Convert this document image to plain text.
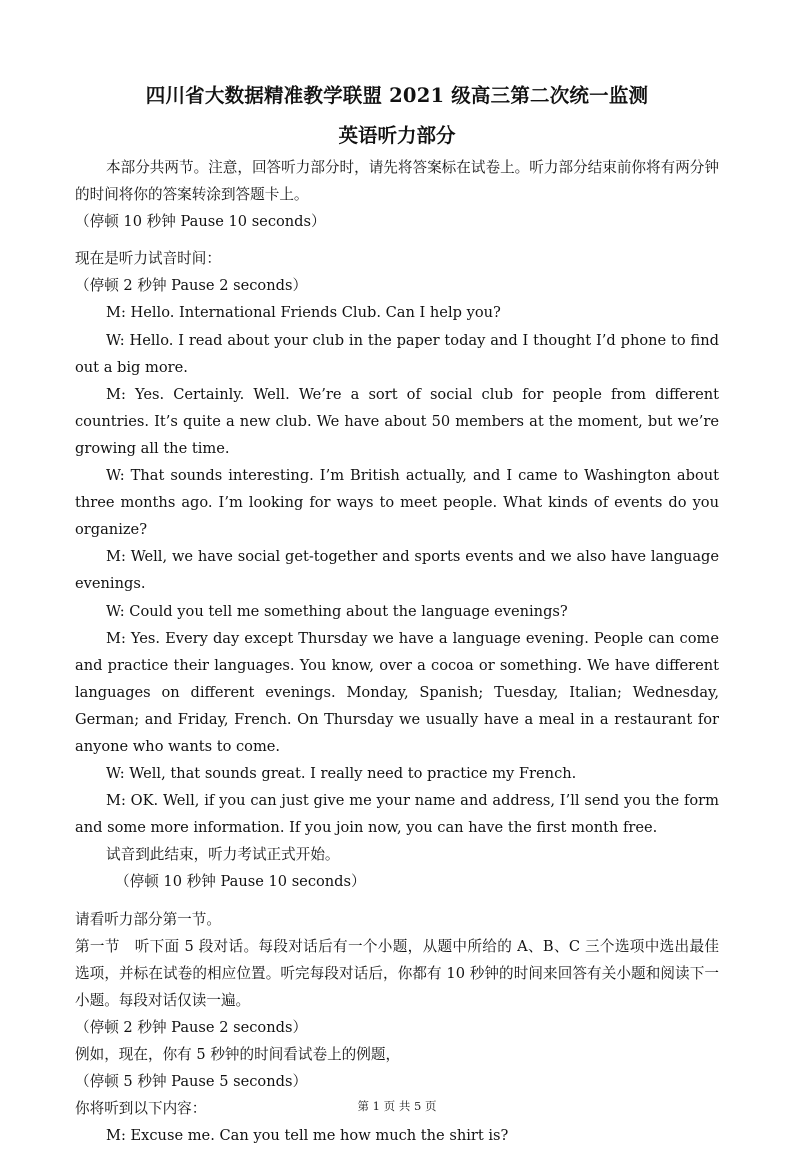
四川省大数据精准教学联盟 2021 级高三第二次统一监测
英语听力部分

本部分共两节。注意，回答听力部分时，请先将答案标在试卷上。听力部分结束前你将有两分钟的时间将你的答案转涂到答题卡上。

（停顿 10 秒钟 Pause 10 seconds）

现在是听力试音时间：

（停顿 2 秒钟 Pause 2 seconds）

M: Hello. International Friends Club. Can I help you?

W: Hello. I read about your club in the paper today and I thought I’d phone to find out a big more.

M: Yes. Certainly. Well. We’re a sort of social club for people from different countries. It’s quite a new club. We have about 50 members at the moment, but we’re growing all the time.

W: That sounds interesting. I’m British actually, and I came to Washington about three months ago. I’m looking for ways to meet people. What kinds of events do you organize?

M: Well, we have social get-together and sports events and we also have language evenings.

W: Could you tell me something about the language evenings?

M: Yes. Every day except Thursday we have a language evening. People can come and practice their languages. You know, over a cocoa or something. We have different languages on different evenings. Monday, Spanish; Tuesday, Italian; Wednesday, German; and Friday, French. On Thursday we usually have a meal in a restaurant for anyone who wants to come.

W: Well, that sounds great. I really need to practice my French.

M: OK. Well, if you can just give me your name and address, I’ll send you the form and some more information. If you join now, you can have the first month free.

试音到此结束，听力考试正式开始。

（停顿 10 秒钟 Pause 10 seconds）

请看听力部分第一节。

第一节　听下面 5 段对话。每段对话后有一个小题，从题中所给的 A、B、C 三个选项中选出最佳选项，并标在试卷的相应位置。听完每段对话后，你都有 10 秒钟的时间来回答有关小题和阅读下一小题。每段对话仅读一遍。

（停顿 2 秒钟 Pause 2 seconds）

例如，现在，你有 5 秒钟的时间看试卷上的例题，

（停顿 5 秒钟 Pause 5 seconds）

你将听到以下内容：

M: Excuse me. Can you tell me how much the shirt is?

第 1 页 共 5 页
